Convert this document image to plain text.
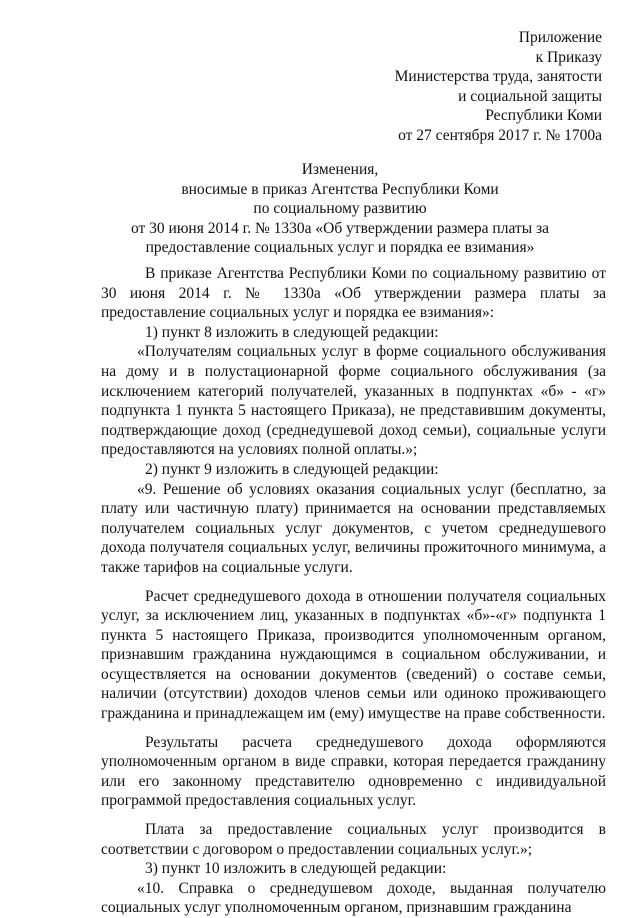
Приложение
к Приказу
Министерства труда, занятости
и социальной защиты
Республики Коми
от 27 сентября 2017 г. № 1700а
Изменения,
вносимые в приказ Агентства Республики Коми
по социальному развитию
от 30 июня 2014 г. № 1330а «Об утверждении размера платы за
предоставление социальных услуг и порядка ее взимания»

В приказе Агентства Республики Коми по социальному развитию от 30 июня 2014 г. № 1330а «Об утверждении размера платы за предоставление социальных услуг и порядка ее взимания»:

1) пункт 8 изложить в следующей редакции:

«Получателям социальных услуг в форме социального обслуживания на дому и в полустационарной форме социального обслуживания (за исключением категорий получателей, указанных в подпунктах «б» - «г» подпункта 1 пункта 5 настоящего Приказа), не представившим документы, подтверждающие доход (среднедушевой доход семьи), социальные услуги предоставляются на условиях полной оплаты.»;

2) пункт 9 изложить в следующей редакции:

«9. Решение об условиях оказания социальных услуг (бесплатно, за плату или частичную плату) принимается на основании представляемых получателем социальных услуг документов, с учетом среднедушевого дохода получателя социальных услуг, величины прожиточного минимума, а также тарифов на социальные услуги.

Расчет среднедушевого дохода в отношении получателя социальных услуг, за исключением лиц, указанных в подпунктах «б»-«г» подпункта 1 пункта 5 настоящего Приказа, производится уполномоченным органом, признавшим гражданина нуждающимся в социальном обслуживании, и осуществляется на основании документов (сведений) о составе семьи, наличии (отсутствии) доходов членов семьи или одиноко проживающего гражданина и принадлежащем им (ему) имуществе на праве собственности.

Результаты расчета среднедушевого дохода оформляются уполномоченным органом в виде справки, которая передается гражданину или его законному представителю одновременно с индивидуальной программой предоставления социальных услуг.

Плата за предоставление социальных услуг производится в соответствии с договором о предоставлении социальных услуг.»;

3) пункт 10 изложить в следующей редакции:

«10. Справка о среднедушевом доходе, выданная получателю социальных услуг уполномоченным органом, признавшим гражданина
